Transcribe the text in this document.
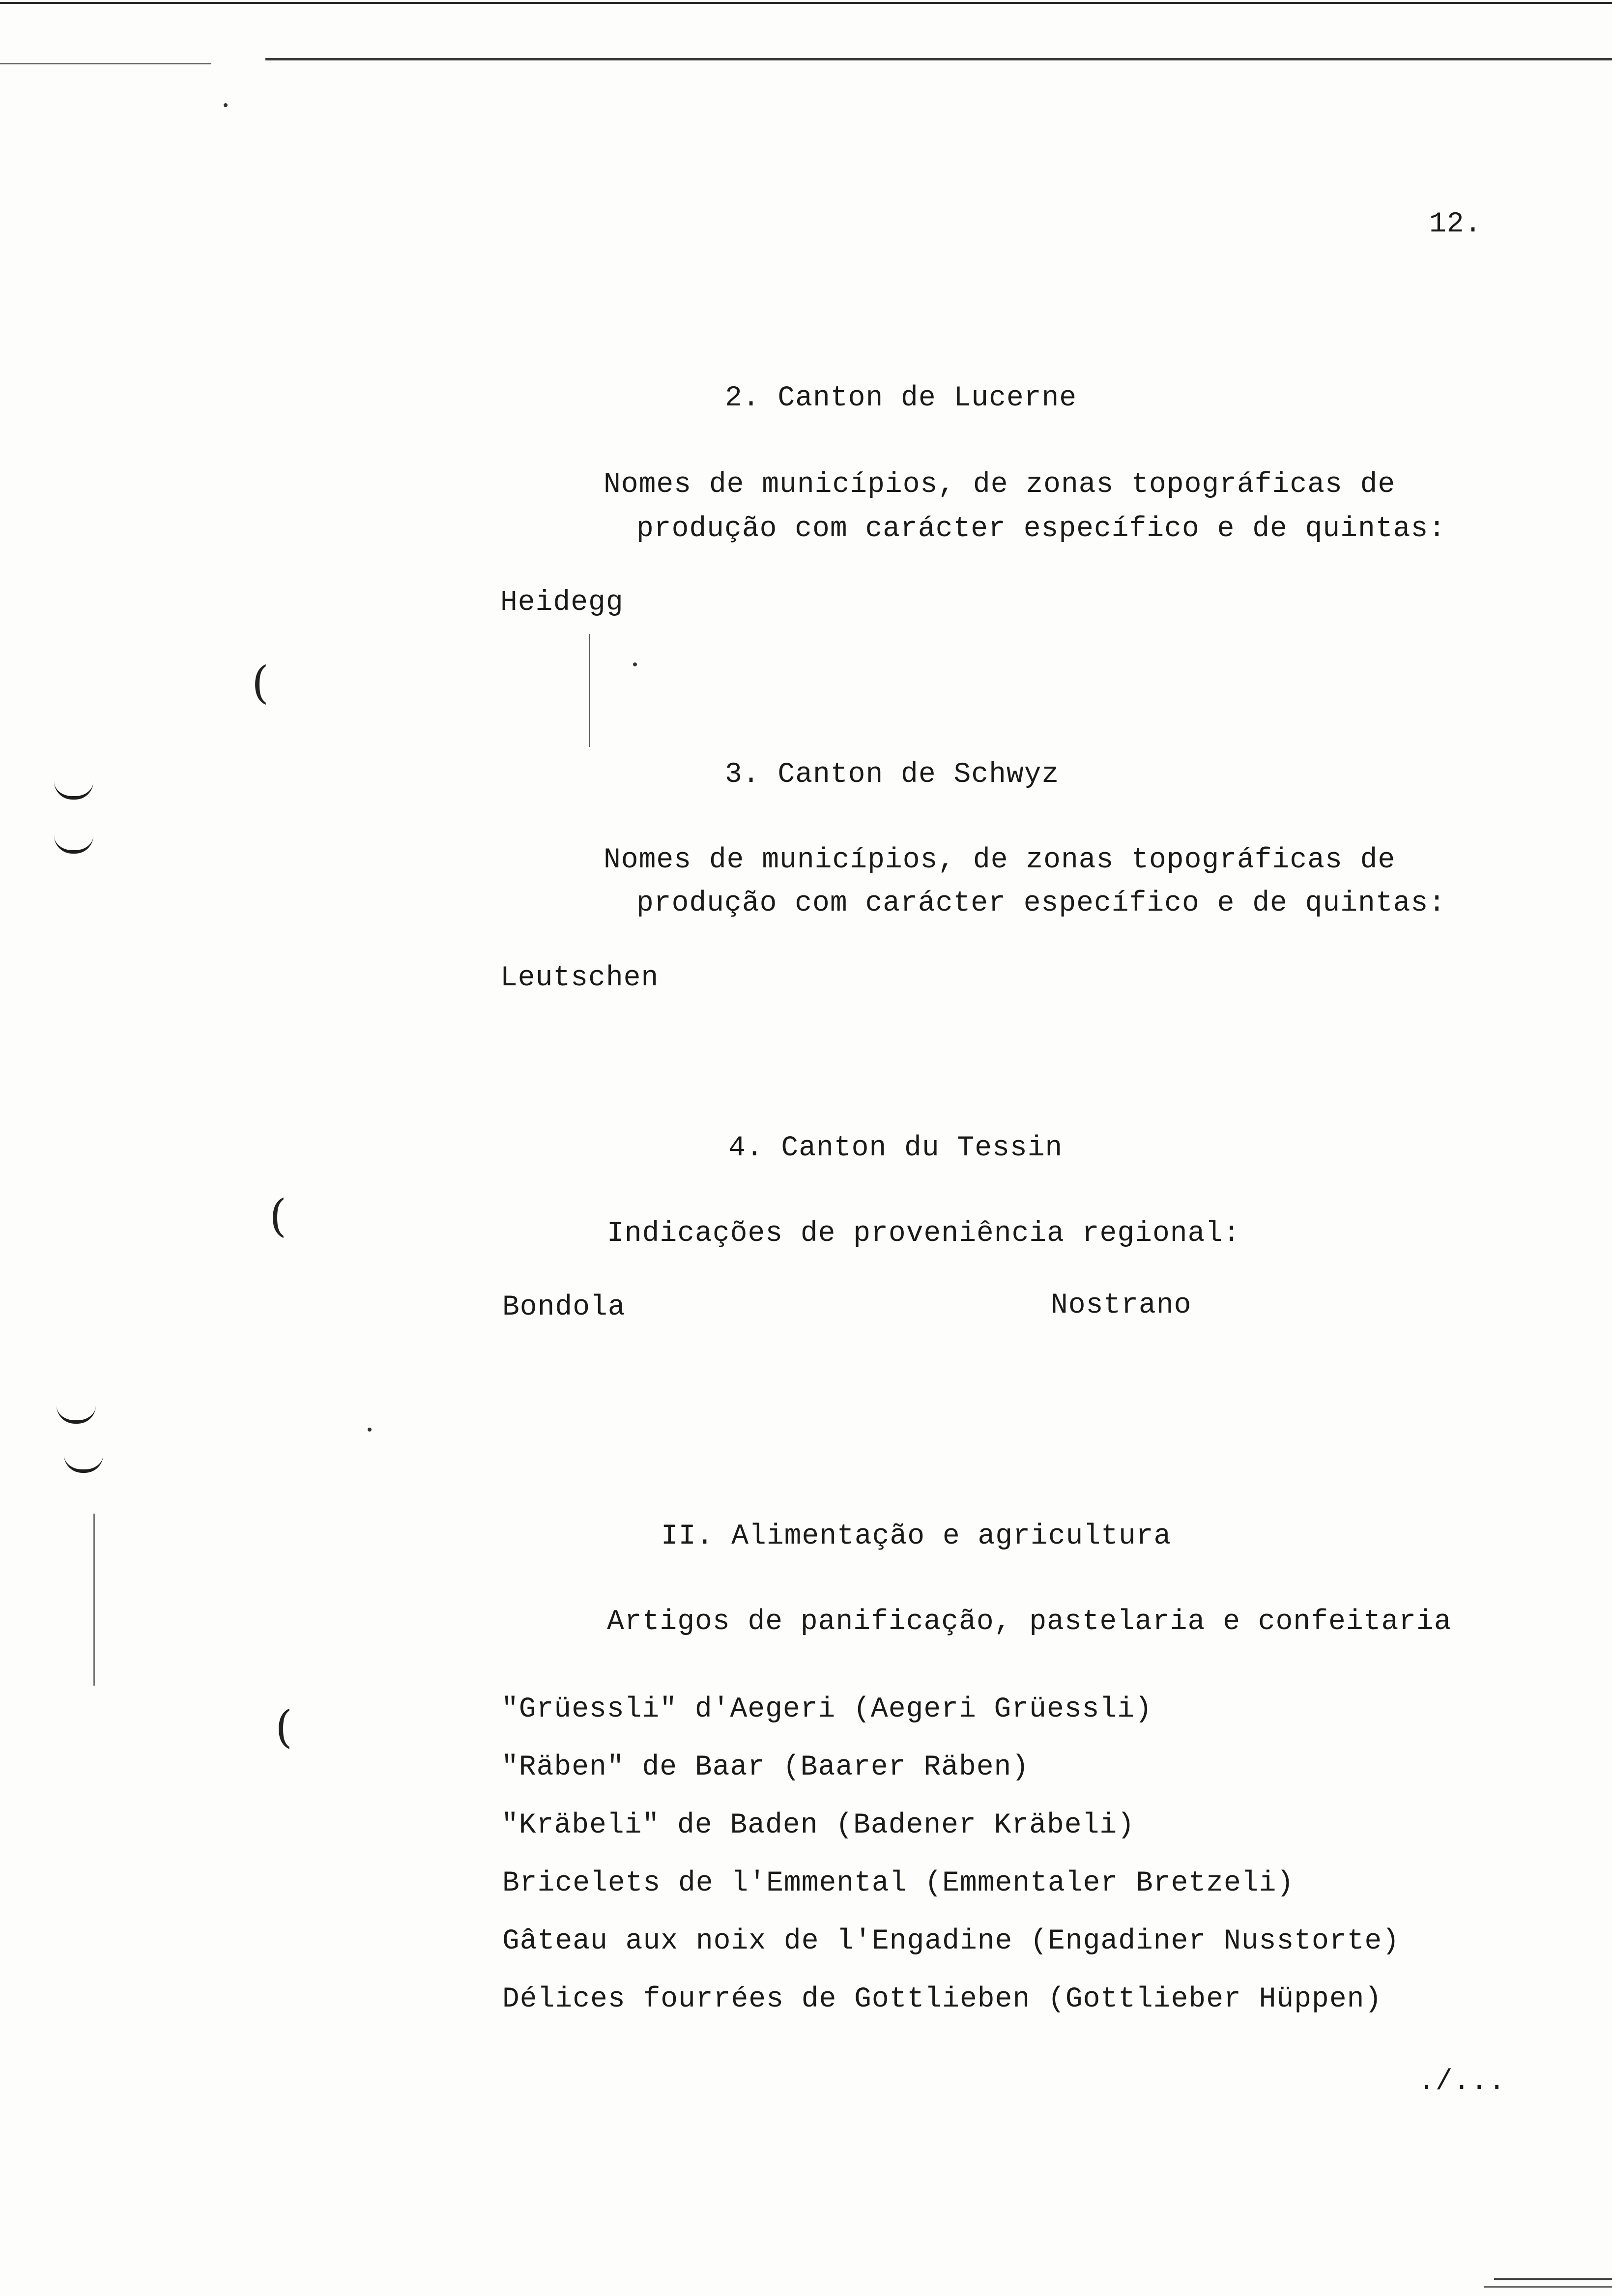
(
(
(
12.
2. Canton de Lucerne
Nomes de municípios, de zonas topográficas de
produção com carácter específico e de quintas:
Heidegg
3. Canton de Schwyz
Nomes de municípios, de zonas topográficas de
produção com carácter específico e de quintas:
Leutschen
4. Canton du Tessin
Indicações de proveniência regional:
Bondola	Nostrano
II. Alimentação e agricultura
Artigos de panificação, pastelaria e confeitaria
"Grüessli" d'Aegeri (Aegeri Grüessli)
"Räben" de Baar (Baarer Räben)
"Kräbeli" de Baden (Badener Kräbeli)
Bricelets de l'Emmental (Emmentaler Bretzeli)
Gâteau aux noix de l'Engadine (Engadiner Nusstorte)
Délices fourrées de Gottlieben (Gottlieber Hüppen)
./...
